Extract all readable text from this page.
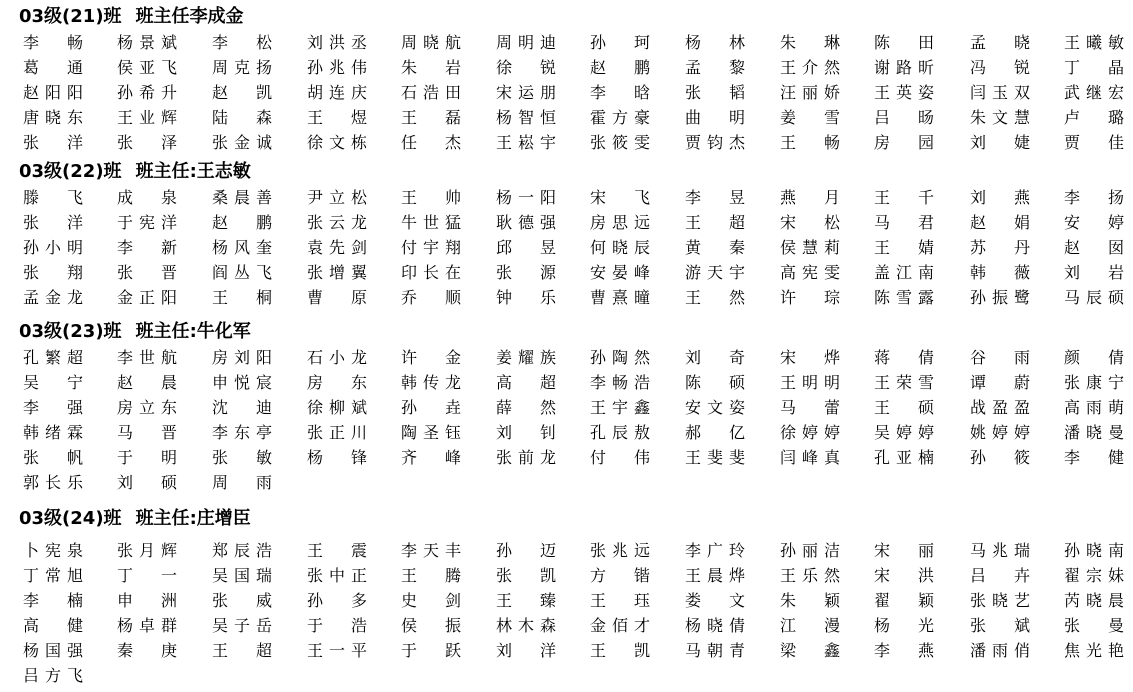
03级(21)班 班主任李成金
李 畅 杨 景 斌 李 松 刘 洪 丞 周 晓 航 周 明 迪 孙 珂 杨 林 朱 琳 陈 田 孟 晓 王 曦 敏
葛 通 侯 亚 飞 周 克 扬 孙 兆 伟 朱 岩 徐 锐 赵 鹏 孟 黎 王 介 然 谢 路 昕 冯 锐 丁 晶
赵 阳 阳 孙 希 升 赵 凯 胡 连 庆 石 浩 田 宋 运 朋 李 晗 张 韬 汪 丽 娇 王 英 姿 闫 玉 双 武 继 宏
唐 晓 东 王 业 辉 陆 森 王 煜 王 磊 杨 智 恒 霍 方 豪 曲 明 姜 雪 吕 旸 朱 文 慧 卢 璐
张 洋 张 泽 张 金 诚 徐 文 栋 任 杰 王 崧 宇 张 筱 雯 贾 钧 杰 王 畅 房 园 刘 婕 贾 佳
03级(22)班 班主任:王志敏
滕 飞 成 泉 桑 晨 善 尹 立 松 王 帅 杨 一 阳 宋 飞 李 昱 燕 月 王 千 刘 燕 李 扬
张 洋 于 宪 洋 赵 鹏 张 云 龙 牛 世 猛 耿 德 强 房 思 远 王 超 宋 松 马 君 赵 娟 安 婷
孙 小 明 李 新 杨 风 奎 袁 先 剑 付 宇 翔 邱 昱 何 晓 辰 黄 秦 侯 慧 莉 王 婧 苏 丹 赵 囡
张 翔 张 晋 阎 丛 飞 张 增 翼 印 长 在 张 源 安 晏 峰 游 天 宇 高 宪 雯 盖 江 南 韩 薇 刘 岩
孟 金 龙 金 正 阳 王 桐 曹 原 乔 顺 钟 乐 曹 熹 曈 王 然 许 琮 陈 雪 露 孙 振 鹭 马 辰 硕
03级(23)班 班主任:牛化军
孔 繁 超 李 世 航 房 刘 阳 石 小 龙 许 金 姜 耀 族 孙 陶 然 刘 奇 宋 烨 蒋 倩 谷 雨 颜 倩
吴 宁 赵 晨 申 悦 宸 房 东 韩 传 龙 高 超 李 畅 浩 陈 硕 王 明 明 王 荣 雪 谭 蔚 张 康 宁
李 强 房 立 东 沈 迪 徐 柳 斌 孙 垚 薛 然 王 宇 鑫 安 文 姿 马 蕾 王 硕 战 盈 盈 高 雨 萌
韩 绪 霖 马 晋 李 东 亭 张 正 川 陶 圣 钰 刘 钊 孔 辰 敖 郝 亿 徐 婷 婷 吴 婷 婷 姚 婷 婷 潘 晓 曼
张 帆 于 明 张 敏 杨 锋 齐 峰 张 前 龙 付 伟 王 斐 斐 闫 峰 真 孔 亚 楠 孙 筱 李 健
郭 长 乐 刘 硕 周 雨
03级(24)班 班主任:庄增臣
卜 宪 泉 张 月 辉 郑 辰 浩 王 震 李 天 丰 孙 迈 张 兆 远 李 广 玲 孙 丽 洁 宋 丽 马 兆 瑞 孙 晓 南
丁 常 旭 丁 一 吴 国 瑞 张 中 正 王 腾 张 凯 方 锴 王 晨 烨 王 乐 然 宋 洪 吕 卉 翟 宗 妹
李 楠 申 洲 张 威 孙 多 史 剑 王 臻 王 珏 娄 文 朱 颖 翟 颖 张 晓 艺 芮 晓 晨
高 健 杨 卓 群 吴 子 岳 于 浩 侯 振 林 木 森 金 佰 才 杨 晓 倩 江 漫 杨 光 张 斌 张 曼
杨 国 强 秦 庚 王 超 王 一 平 于 跃 刘 洋 王 凯 马 朝 青 梁 鑫 李 燕 潘 雨 俏 焦 光 艳
吕 方 飞
